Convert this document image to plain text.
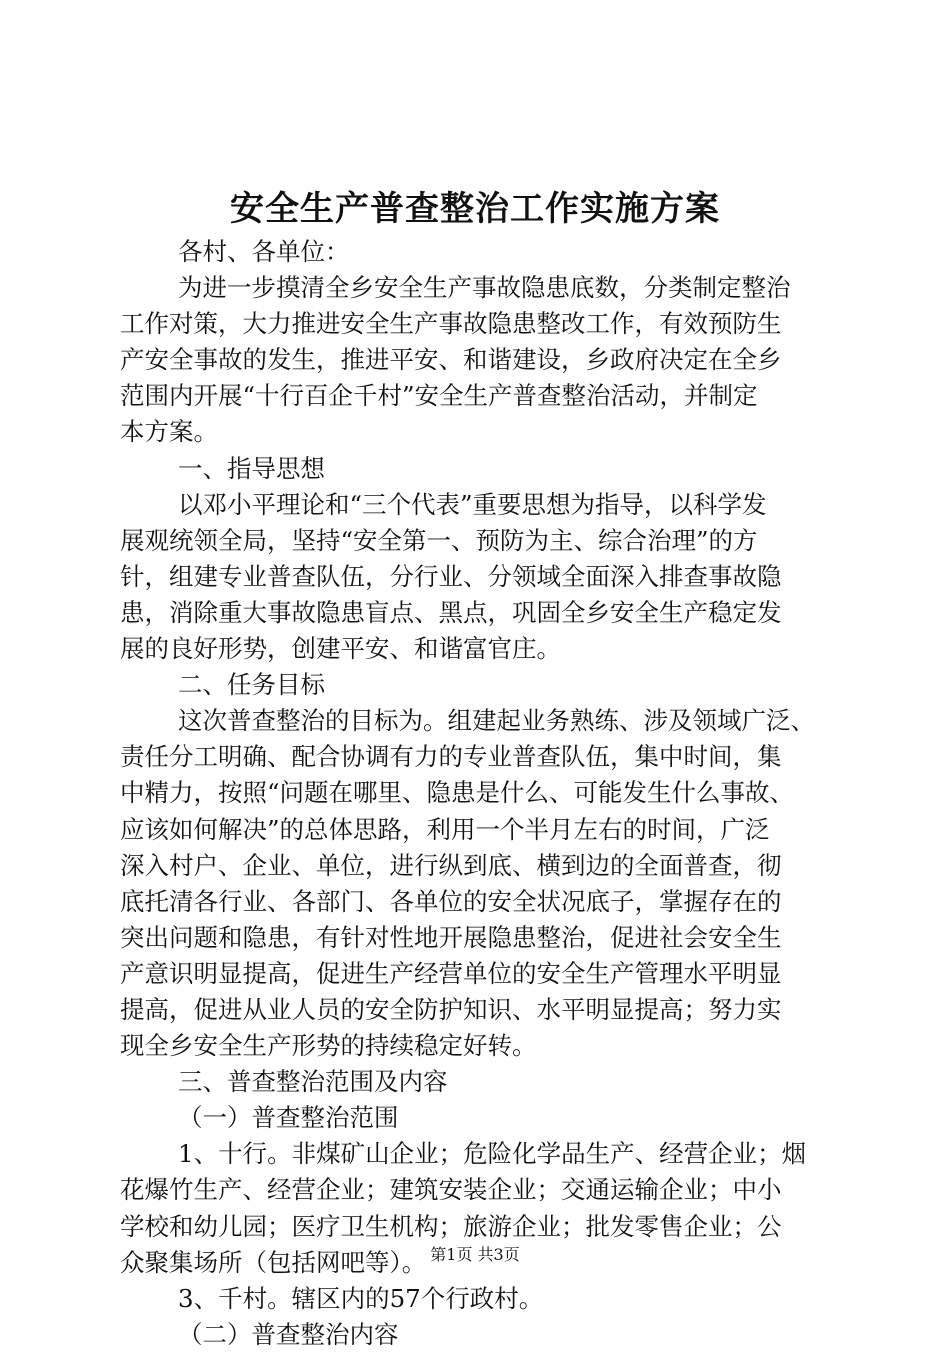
安全生产普查整治工作实施方案
各村、各单位：
为进一步摸清全乡安全生产事故隐患底数，分类制定整治
工作对策，大力推进安全生产事故隐患整改工作，有效预防生
产安全事故的发生，推进平安、和谐建设，乡政府决定在全乡
范围内开展“十行百企千村”安全生产普查整治活动，并制定
本方案。
一、指导思想
以邓小平理论和“三个代表”重要思想为指导，以科学发
展观统领全局，坚持“安全第一、预防为主、综合治理”的方
针，组建专业普查队伍，分行业、分领域全面深入排查事故隐
患，消除重大事故隐患盲点、黑点，巩固全乡安全生产稳定发
展的良好形势，创建平安、和谐富官庄。
二、任务目标
这次普查整治的目标为。组建起业务熟练、涉及领域广泛、
责任分工明确、配合协调有力的专业普查队伍，集中时间，集
中精力，按照“问题在哪里、隐患是什么、可能发生什么事故、
应该如何解决”的总体思路，利用一个半月左右的时间，广泛
深入村户、企业、单位，进行纵到底、横到边的全面普查，彻
底托清各行业、各部门、各单位的安全状况底子，掌握存在的
突出问题和隐患，有针对性地开展隐患整治，促进社会安全生
产意识明显提高，促进生产经营单位的安全生产管理水平明显
提高，促进从业人员的安全防护知识、水平明显提高；努力实
现全乡安全生产形势的持续稳定好转。
三、普查整治范围及内容
（一）普查整治范围
1、十行。非煤矿山企业；危险化学品生产、经营企业；烟
花爆竹生产、经营企业；建筑安装企业；交通运输企业；中小
学校和幼儿园；医疗卫生机构；旅游企业；批发零售企业；公
众聚集场所（包括网吧等）。
3、千村。辖区内的57个行政村。
（二）普查整治内容
第1页 共3页
